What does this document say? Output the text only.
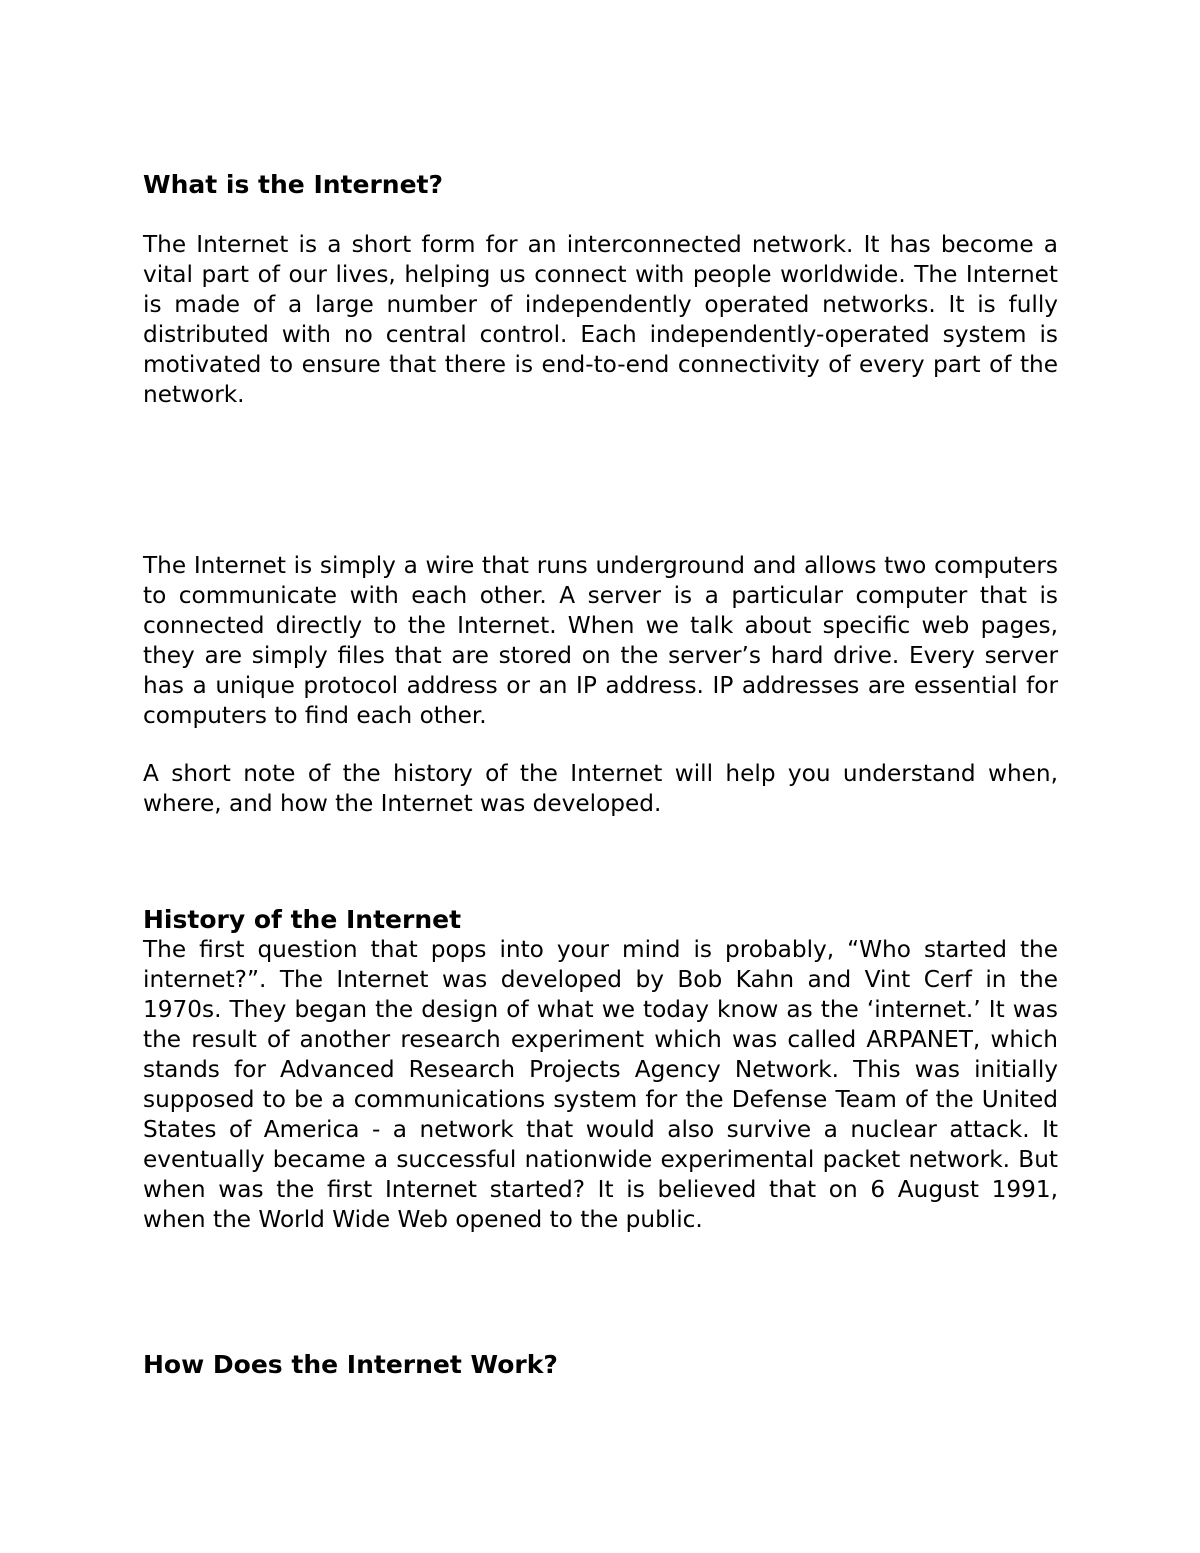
What is the Internet?

The Internet is a short form for an interconnected network. It has become a vital part of our lives, helping us connect with people worldwide. The Internet is made of a large number of independently operated networks. It is fully distributed with no central control. Each independently-operated system is motivated to ensure that there is end-to-end connectivity of every part of the network.

The Internet is simply a wire that runs underground and allows two computers to communicate with each other. A server is a particular computer that is connected directly to the Internet. When we talk about specific web pages, they are simply files that are stored on the server’s hard drive. Every server has a unique protocol address or an IP address. IP addresses are essential for computers to find each other.

A short note of the history of the Internet will help you understand when, where, and how the Internet was developed.

History of the Internet

The first question that pops into your mind is probably, “Who started the internet?”. The Internet was developed by Bob Kahn and Vint Cerf in the 1970s. They began the design of what we today know as the ‘internet.’ It was the result of another research experiment which was called ARPANET, which stands for Advanced Research Projects Agency Network. This was initially supposed to be a communications system for the Defense Team of the United States of America - a network that would also survive a nuclear attack. It eventually became a successful nationwide experimental packet network. But when was the first Internet started? It is believed that on 6 August 1991, when the World Wide Web opened to the public.

How Does the Internet Work?
